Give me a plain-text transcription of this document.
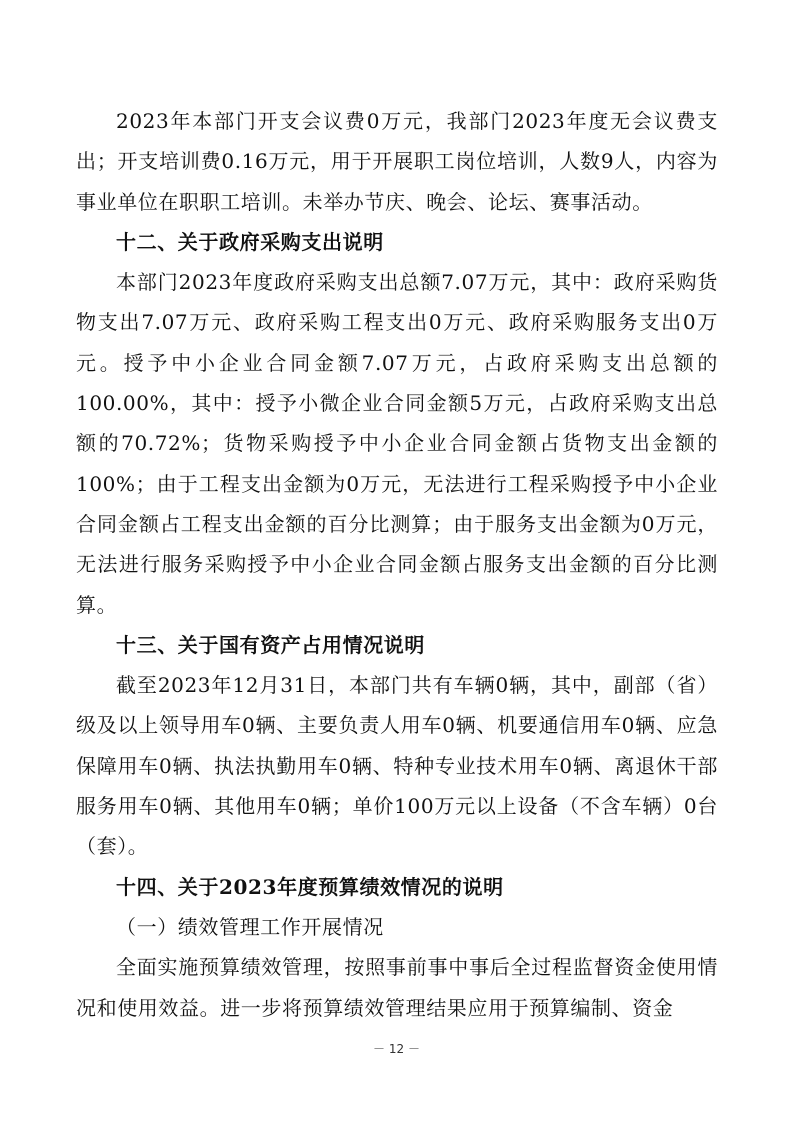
2023年本部门开支会议费0万元，我部门2023年度无会议费支出；开支培训费0.16万元，用于开展职工岗位培训，人数9人，内容为事业单位在职职工培训。未举办节庆、晚会、论坛、赛事活动。

十二、关于政府采购支出说明

本部门2023年度政府采购支出总额7.07万元，其中：政府采购货物支出7.07万元、政府采购工程支出0万元、政府采购服务支出0万元。授予中小企业合同金额7.07万元，占政府采购支出总额的100.00%，其中：授予小微企业合同金额5万元，占政府采购支出总额的70.72%；货物采购授予中小企业合同金额占货物支出金额的100%；由于工程支出金额为0万元，无法进行工程采购授予中小企业合同金额占工程支出金额的百分比测算；由于服务支出金额为0万元，无法进行服务采购授予中小企业合同金额占服务支出金额的百分比测算。

十三、关于国有资产占用情况说明

截至2023年12月31日，本部门共有车辆0辆，其中，副部（省）级及以上领导用车0辆、主要负责人用车0辆、机要通信用车0辆、应急保障用车0辆、执法执勤用车0辆、特种专业技术用车0辆、离退休干部服务用车0辆、其他用车0辆；单价100万元以上设备（不含车辆）0台（套）。

十四、关于2023年度预算绩效情况的说明

（一）绩效管理工作开展情况

全面实施预算绩效管理，按照事前事中事后全过程监督资金使用情况和使用效益。进一步将预算绩效管理结果应用于预算编制、资金

－ 12 －
